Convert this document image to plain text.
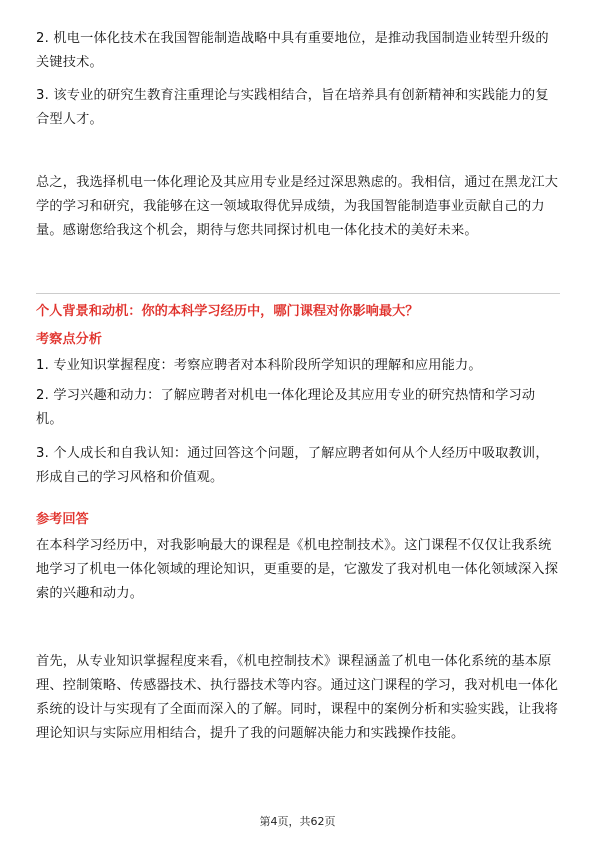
2. 机电一体化技术在我国智能制造战略中具有重要地位，是推动我国制造业转型升级的关键技术。

3. 该专业的研究生教育注重理论与实践相结合，旨在培养具有创新精神和实践能力的复合型人才。

总之，我选择机电一体化理论及其应用专业是经过深思熟虑的。我相信，通过在黑龙江大学的学习和研究，我能够在这一领域取得优异成绩，为我国智能制造事业贡献自己的力量。感谢您给我这个机会，期待与您共同探讨机电一体化技术的美好未来。

个人背景和动机：你的本科学习经历中，哪门课程对你影响最大？

考察点分析

1. 专业知识掌握程度：考察应聘者对本科阶段所学知识的理解和应用能力。

2. 学习兴趣和动力：了解应聘者对机电一体化理论及其应用专业的研究热情和学习动机。

3. 个人成长和自我认知：通过回答这个问题，了解应聘者如何从个人经历中吸取教训，形成自己的学习风格和价值观。

参考回答

在本科学习经历中，对我影响最大的课程是《机电控制技术》。这门课程不仅仅让我系统地学习了机电一体化领域的理论知识，更重要的是，它激发了我对机电一体化领域深入探索的兴趣和动力。

首先，从专业知识掌握程度来看，《机电控制技术》课程涵盖了机电一体化系统的基本原理、控制策略、传感器技术、执行器技术等内容。通过这门课程的学习，我对机电一体化系统的设计与实现有了全面而深入的了解。同时，课程中的案例分析和实验实践，让我将理论知识与实际应用相结合，提升了我的问题解决能力和实践操作技能。

第4页，共62页
